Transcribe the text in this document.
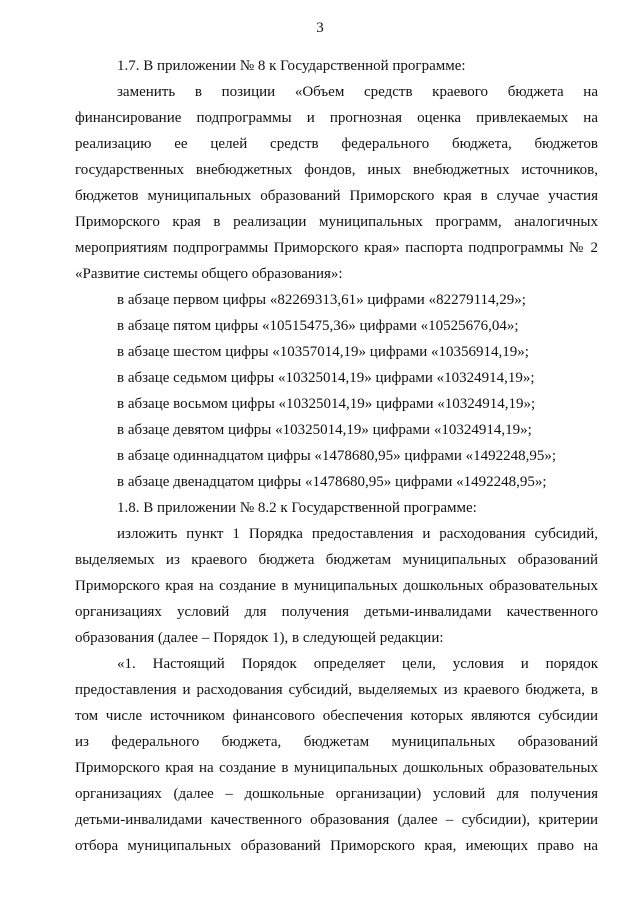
3
1.7. В приложении № 8 к Государственной программе:
заменить в позиции «Объем средств краевого бюджета на
финансирование подпрограммы и прогнозная оценка привлекаемых на
реализацию ее целей средств федерального бюджета, бюджетов
государственных внебюджетных фондов, иных внебюджетных источников,
бюджетов муниципальных образований Приморского края в случае участия
Приморского края в реализации муниципальных программ, аналогичных
мероприятиям подпрограммы Приморского края» паспорта подпрограммы № 2
«Развитие системы общего образования»:
в абзаце первом цифры «82269313,61» цифрами «82279114,29»;
в абзаце пятом цифры «10515475,36» цифрами «10525676,04»;
в абзаце шестом цифры «10357014,19» цифрами «10356914,19»;
в абзаце седьмом цифры «10325014,19» цифрами «10324914,19»;
в абзаце восьмом цифры «10325014,19» цифрами «10324914,19»;
в абзаце девятом цифры «10325014,19» цифрами «10324914,19»;
в абзаце одиннадцатом цифры «1478680,95» цифрами «1492248,95»;
в абзаце двенадцатом цифры «1478680,95» цифрами «1492248,95»;
1.8. В приложении № 8.2 к Государственной программе:
изложить пункт 1 Порядка предоставления и расходования субсидий,
выделяемых из краевого бюджета бюджетам муниципальных образований
Приморского края на создание в муниципальных дошкольных образовательных
организациях условий для получения детьми-инвалидами качественного
образования (далее – Порядок 1), в следующей редакции:
«1. Настоящий Порядок определяет цели, условия и порядок
предоставления и расходования субсидий, выделяемых из краевого бюджета, в
том числе источником финансового обеспечения которых являются субсидии
из федерального бюджета, бюджетам муниципальных образований
Приморского края на создание в муниципальных дошкольных образовательных
организациях (далее – дошкольные организации) условий для получения
детьми-инвалидами качественного образования (далее – субсидии), критерии
отбора муниципальных образований Приморского края, имеющих право на
